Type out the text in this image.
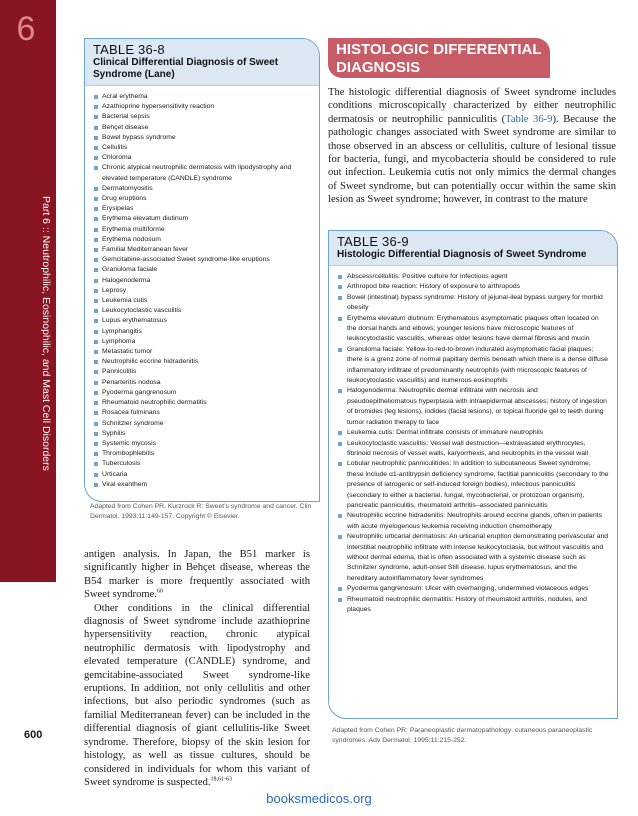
6
Part 6 :: Neutrophilic, Eosinophilic, and Mast Cell Disorders
600
TABLE 36-8
Clinical Differential Diagnosis of Sweet Syndrome (Lane)
Acral erythema
Azathioprine hypersensitivity reaction
Bacterial sepsis
Behçet disease
Bowel bypass syndrome
Cellulitis
Chloroma
Chronic atypical neutrophilic dermatosis with lipodystrophy and elevated temperature (CANDLE) syndrome
Dermatomyositis
Drug eruptions
Erysipelas
Erythema elevatum diutinum
Erythema multiforme
Erythema nodosum
Familial Mediterranean fever
Gemcitabine-associated Sweet syndrome-like eruptions
Granuloma faciale
Halogenoderma
Leprosy
Leukemia cutis
Leukocytoclastic vasculitis
Lupus erythematosus
Lymphangitis
Lymphoma
Metastatic tumor
Neutrophilic eccrine hidradenitis
Panniculitis
Periarteritis nodosa
Pyoderma gangrenosum
Rheumatoid neutrophilic dermatitis
Rosacea fulminans
Schnitzler syndrome
Syphilis
Systemic mycosis
Thrombophlebitis
Tuberculosis
Urticaria
Viral exanthem
Adapted from Cohen PR, Kurzrock R: Sweet’s syndrome and cancer. Clin Dermatol. 1993;11:149-157. Copyright © Elsevier.
HISTOLOGIC DIFFERENTIAL DIAGNOSIS

The histologic differential diagnosis of Sweet syndrome includes conditions microscopically characterized by either neutrophilic dermatosis or neutrophilic panniculitis (Table 36-9). Because the pathologic changes associated with Sweet syndrome are similar to those observed in an abscess or cellulitis, culture of lesional tissue for bacteria, fungi, and mycobacteria should be considered to rule out infection. Leukemia cutis not only mimics the dermal changes of Sweet syndrome, but can potentially occur within the same skin lesion as Sweet syndrome; however, in contrast to the mature

TABLE 36-9
Histologic Differential Diagnosis of Sweet Syndrome
Abscess/cellulitis: Positive culture for infectious agent
Arthropod bite reaction: History of exposure to arthropods
Bowel (intestinal) bypass syndrome: History of jejunal-ileal bypass surgery for morbid obesity
Erythema elevatum diutinum: Erythematous asymptomatic plaques often located on the dorsal hands and elbows; younger lesions have microscopic features of leukocytoclastic vasculitis, whereas older lesions have dermal fibrosis and mucin
Granuloma faciale: Yellow-to-red-to-brown indurated asymptomatic facial plaques; there is a grenz zone of normal papillary dermis beneath which there is a dense diffuse inflammatory infiltrate of predominantly neutrophils (with microscopic features of leukocytoclastic vasculitis) and numerous eosinophils
Halogenoderma: Neutrophilic dermal infiltrate with necrosis and pseudoepitheliomatous hyperplasia with intraepidermal abscesses; history of ingestion of bromides (leg lesions), iodides (facial lesions), or topical fluoride gel to teeth during tumor radiation therapy to face
Leukemia cutis: Dermal infiltrate consists of immature neutrophils
Leukocytoclastic vasculitis: Vessel wall destruction—extravasated erythrocytes, fibrinoid necrosis of vessel walls, karyorrhexis, and neutrophils in the vessel wall
Lobular neutrophilic panniculitides: In addition to subcutaneous Sweet syndrome, these include α1-antitrypsin deficiency syndrome, factitial panniculitis (secondary to the presence of iatrogenic or self-induced foreign bodies), infectious panniculitis (secondary to either a bacterial, fungal, mycobacterial, or protozoan organism), pancreatic panniculitis, rheumatoid arthritis–associated panniculitis
Neutrophilic eccrine hidradenitis: Neutrophils around eccrine glands, often in patients with acute myelogenous leukemia receiving induction chemotherapy
Neutrophilic urticarial dermatosis: An urticarial eruption demonstrating perivascular and interstitial neutrophilic infiltrate with intense leukocytoclasia, but without vasculitis and without dermal edema, that is often associated with a systemic disease such as Schnitzler syndrome, adult-onset Still disease, lupus erythematosus, and the hereditary autoinflammatory fever syndromes
Pyoderma gangrenosum: Ulcer with overhanging, undermined violaceous edges
Rheumatoid neutrophilic dermatitis: History of rheumatoid arthritis, nodules, and plaques
Adapted from Cohen PR: Paraneoplastic dermatopathology: cutaneous paraneoplastic syndromes. Adv Dermatol. 1995;11:215-252.

antigen analysis. In Japan, the B51 marker is significantly higher in Behçet disease, whereas the B54 marker is more frequently associated with Sweet syndrome.$^{60}$

Other conditions in the clinical differential diagnosis of Sweet syndrome include azathioprine hypersensitivity reaction, chronic atypical neutrophilic dermatosis with lipodystrophy and elevated temperature (CANDLE) syndrome, and gemcitabine-associated Sweet syndrome-like eruptions. In addition, not only cellulitis and other infections, but also periodic syndromes (such as familial Mediterranean fever) can be included in the differential diagnosis of giant cellulitis-like Sweet syndrome. Therefore, biopsy of the skin lesion for histology, as well as tissue cultures, should be considered in individuals for whom this variant of Sweet syndrome is suspected.$^{18,61-63}$

booksmedicos.org
